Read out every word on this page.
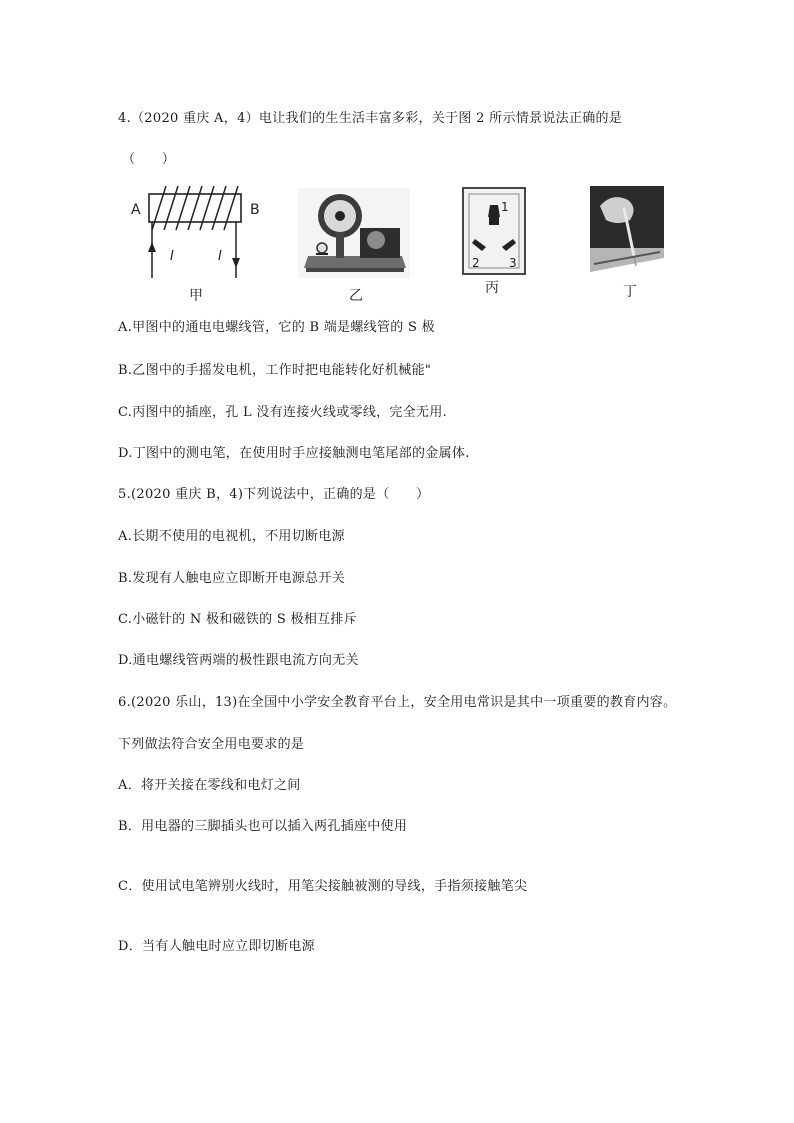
4.（2020 重庆 A，4）电让我们的生生活丰富多彩，关于图 2 所示情景说法正确的是
（　　）
A	B
I	I
甲	乙
1
2 3
丙	丁
A.甲图中的通电电螺线管，它的 B 端是螺线管的 S 极
B.乙图中的手摇发电机，工作时把电能转化好机械能"
C.丙图中的插座，孔 L 没有连接火线或零线，完全无用.
D.丁图中的测电笔，在使用时手应接触测电笔尾部的金属体.
5.(2020 重庆 B，4)下列说法中，正确的是（　　）
A.长期不使用的电视机，不用切断电源
B.发现有人触电应立即断开电源总开关
C.小磁针的 N 极和磁铁的 S 极相互排斥
D.通电螺线管两端的极性跟电流方向无关
6.(2020 乐山，13)在全国中小学安全教育平台上，安全用电常识是其中一项重要的教育内容。
下列做法符合安全用电要求的是
A．将开关接在零线和电灯之间
B．用电器的三脚插头也可以插入两孔插座中使用
C．使用试电笔辨别火线时，用笔尖接触被测的导线，手指须接触笔尖
D．当有人触电时应立即切断电源
